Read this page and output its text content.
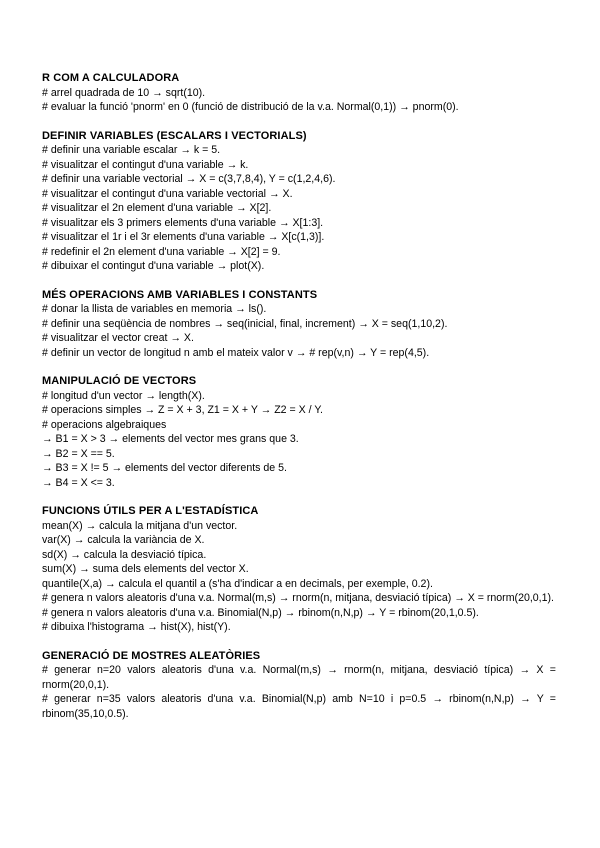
R COM A CALCULADORA

# arrel quadrada de 10 → sqrt(10).

# evaluar la funció 'pnorm' en 0 (funció de distribució de la v.a. Normal(0,1)) → pnorm(0).

DEFINIR VARIABLES (ESCALARS I VECTORIALS)

# definir una variable escalar → k = 5.

# visualitzar el contingut d'una variable → k.

# definir una variable vectorial → X = c(3,7,8,4), Y = c(1,2,4,6).

# visualitzar el contingut d'una variable vectorial → X.

# visualitzar el 2n element d'una variable → X[2].

# visualitzar els 3 primers elements d'una variable → X[1:3].

# visualitzar el 1r i el 3r elements d'una variable → X[c(1,3)].

# redefinir el 2n element d'una variable → X[2] = 9.

# dibuixar el contingut d'una variable → plot(X).

MÉS OPERACIONS AMB VARIABLES I CONSTANTS

# donar la llista de variables en memoria → ls().

# definir una seqüència de nombres → seq(inicial, final, increment) → X = seq(1,10,2).

# visualitzar el vector creat → X.

# definir un vector de longitud n amb el mateix valor v → # rep(v,n) → Y = rep(4,5).

MANIPULACIÓ DE VECTORS

# longitud d'un vector → length(X).

# operacions simples → Z = X + 3, Z1 = X + Y → Z2 = X / Y.

# operacions algebraiques

→ B1 = X > 3 → elements del vector mes grans que 3.

→ B2 = X == 5.

→ B3 = X != 5 → elements del vector diferents de 5.

→ B4 = X <= 3.

FUNCIONS ÚTILS PER A L'ESTADÍSTICA

mean(X) → calcula la mitjana d'un vector.

var(X) → calcula la variància de X.

sd(X) → calcula la desviació típica.

sum(X) → suma dels elements del vector X.

quantile(X,a) → calcula el quantil a (s'ha d'indicar a en decimals, per exemple, 0.2).

# genera n valors aleatoris d'una v.a. Normal(m,s) → rnorm(n, mitjana, desviació típica) → X = rnorm(20,0,1).

# genera n valors aleatoris d'una v.a. Binomial(N,p) → rbinom(n,N,p) → Y = rbinom(20,1,0.5).

# dibuixa l'histograma → hist(X), hist(Y).

GENERACIÓ DE MOSTRES ALEATÒRIES

# generar n=20 valors aleatoris d'una v.a. Normal(m,s) → rnorm(n, mitjana, desviació típica) → X = rnorm(20,0,1).

# generar n=35 valors aleatoris d'una v.a. Binomial(N,p) amb N=10 i p=0.5 → rbinom(n,N,p) → Y = rbinom(35,10,0.5).
